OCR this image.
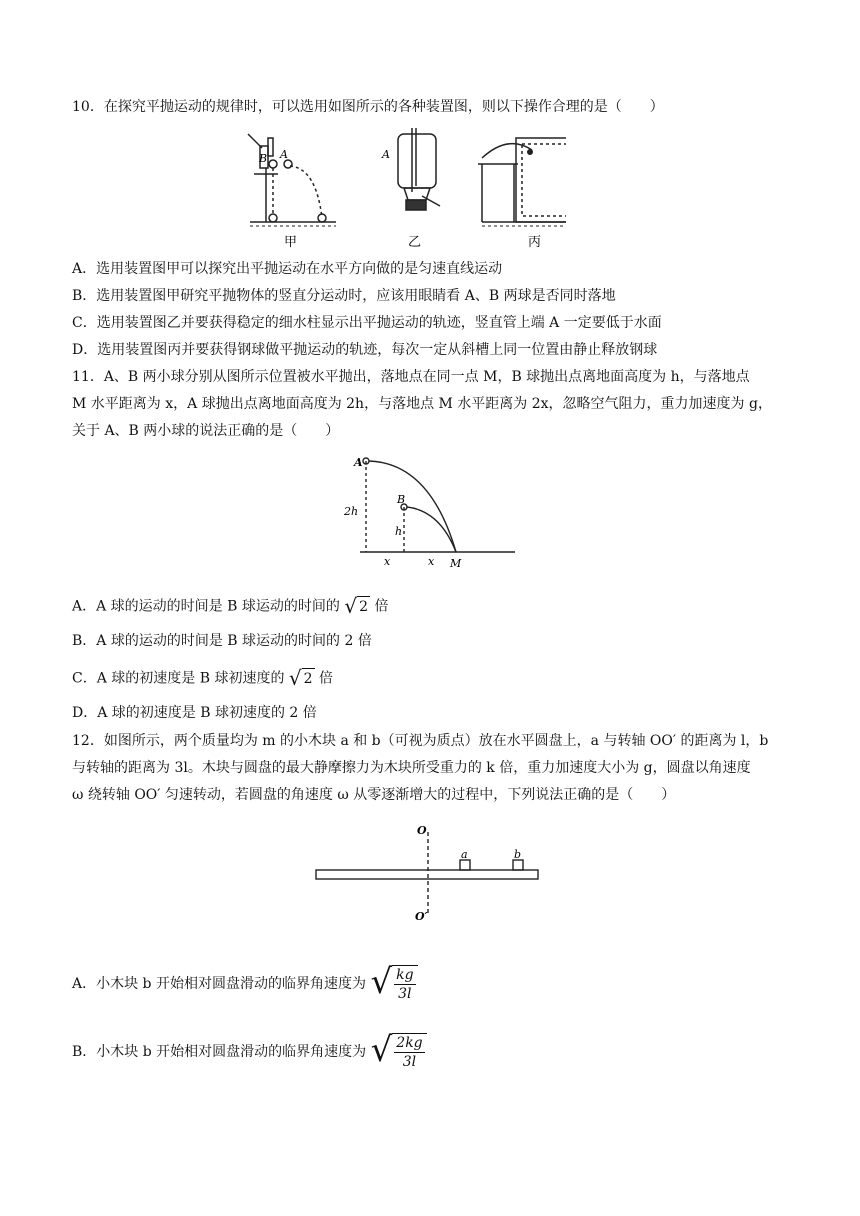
10．在探究平抛运动的规律时，可以选用如图所示的各种装置图，则以下操作合理的是（　　）
B A
甲
A
乙	丙
A．选用装置图甲可以探究出平抛运动在水平方向做的是匀速直线运动
B．选用装置图甲研究平抛物体的竖直分运动时，应该用眼睛看 A、B 两球是否同时落地
C．选用装置图乙并要获得稳定的细水柱显示出平抛运动的轨迹，竖直管上端 A 一定要低于水面
D．选用装置图丙并要获得钢球做平抛运动的轨迹，每次一定从斜槽上同一位置由静止释放钢球
11．A、B 两小球分别从图所示位置被水平抛出，落地点在同一点 M，B 球抛出点离地面高度为 h，与落地点
M 水平距离为 x，A 球抛出点离地面高度为 2h，与落地点 M 水平距离为 2x，忽略空气阻力，重力加速度为 g，
关于 A、B 两小球的说法正确的是（　　）
A
B
2h
h
x	x M
A．A 球的运动的时间是 B 球运动的时间的 √ 2 倍
B．A 球的运动的时间是 B 球运动的时间的 2 倍
C．A 球的初速度是 B 球初速度的 √ 2 倍
D．A 球的初速度是 B 球初速度的 2 倍
12．如图所示，两个质量均为 m 的小木块 a 和 b（可视为质点）放在水平圆盘上，a 与转轴 OO′ 的距离为 l，b
与转轴的距离为 3l。木块与圆盘的最大静摩擦力为木块所受重力的 k 倍，重力加速度大小为 g，圆盘以角速度
ω 绕转轴 OO′ 匀速转动，若圆盘的角速度 ω 从零逐渐增大的过程中，下列说法正确的是（　　）
O
O′
a	b
A．小木块 b 开始相对圆盘滑动的临界角速度为 √ $\frac{kg}{3l}$
B．小木块 b 开始相对圆盘滑动的临界角速度为 √ $\frac{2kg}{3l}$
